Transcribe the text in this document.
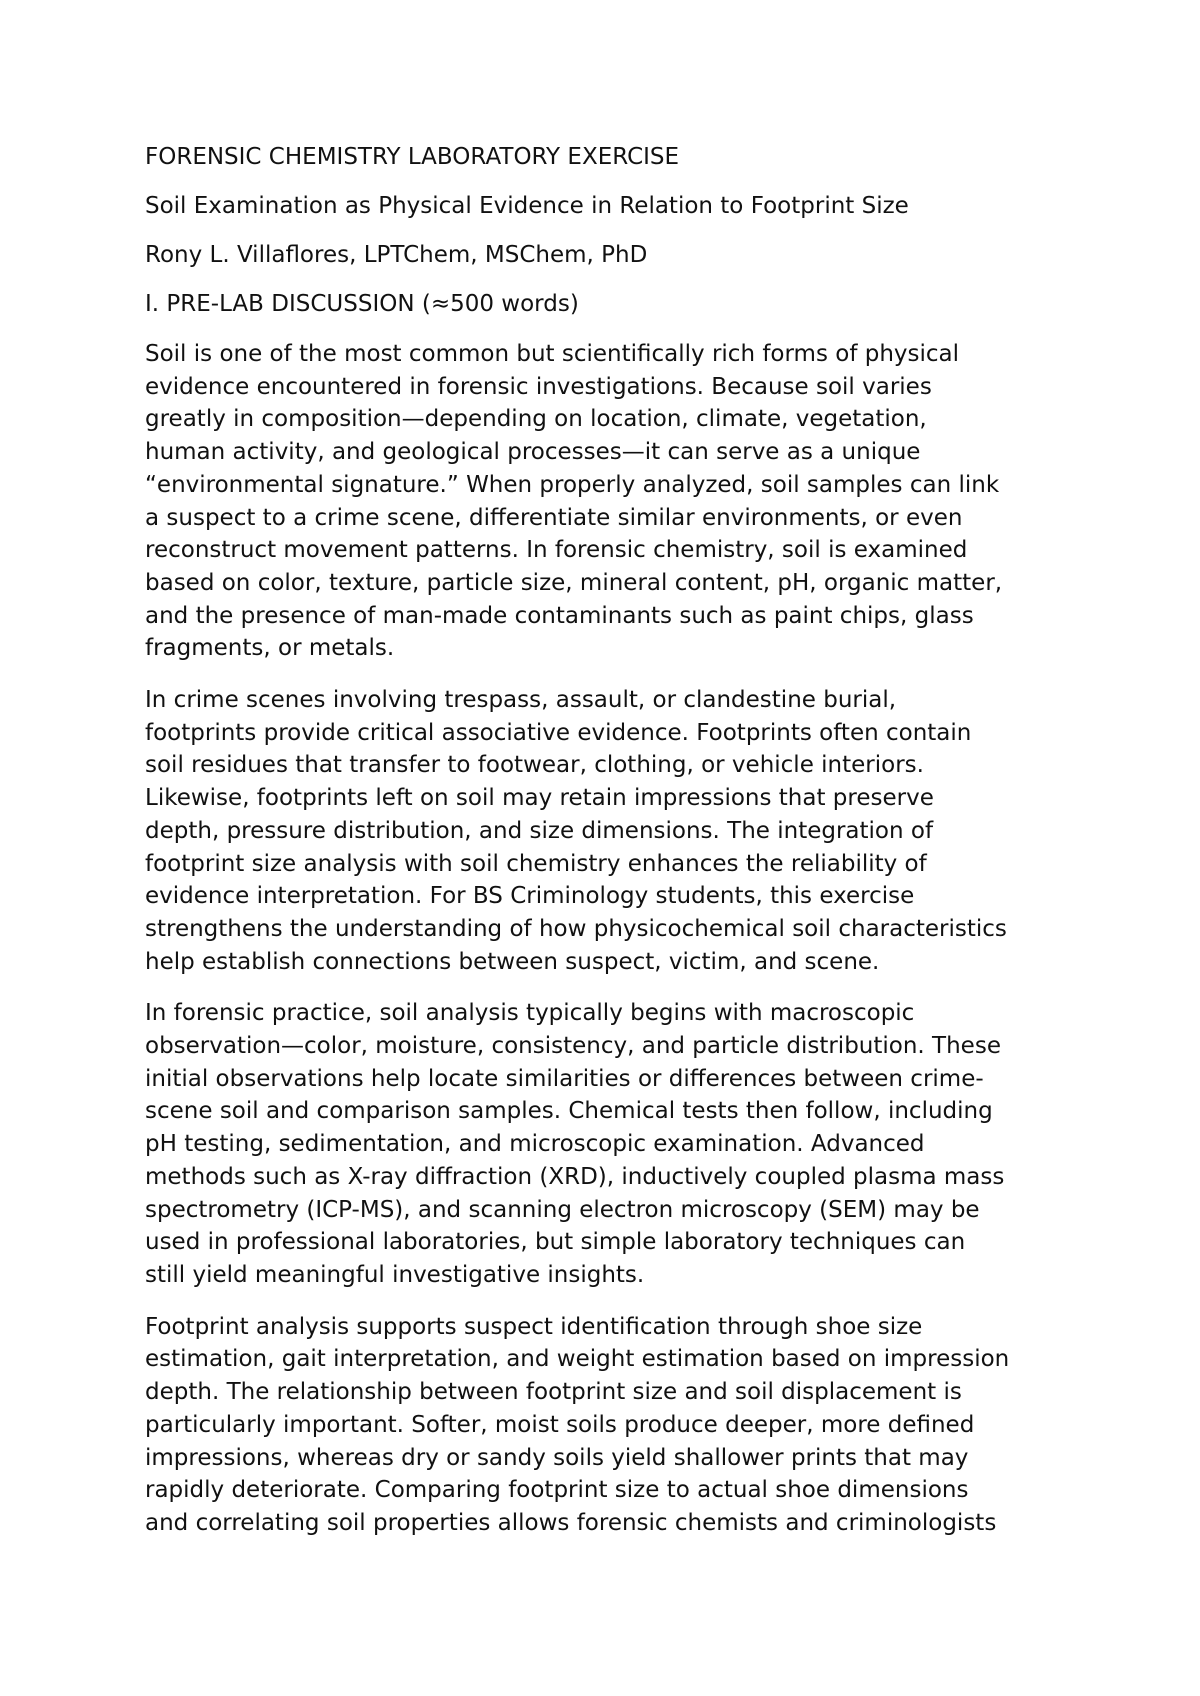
FORENSIC CHEMISTRY LABORATORY EXERCISE
Soil Examination as Physical Evidence in Relation to Footprint Size
Rony L. Villaflores, LPTChem, MSChem, PhD
I. PRE-LAB DISCUSSION (≈500 words)

Soil is one of the most common but scientifically rich forms of physical
evidence encountered in forensic investigations. Because soil varies
greatly in composition—depending on location, climate, vegetation,
human activity, and geological processes—it can serve as a unique
“environmental signature.” When properly analyzed, soil samples can link
a suspect to a crime scene, differentiate similar environments, or even
reconstruct movement patterns. In forensic chemistry, soil is examined
based on color, texture, particle size, mineral content, pH, organic matter,
and the presence of man-made contaminants such as paint chips, glass
fragments, or metals.

In crime scenes involving trespass, assault, or clandestine burial,
footprints provide critical associative evidence. Footprints often contain
soil residues that transfer to footwear, clothing, or vehicle interiors.
Likewise, footprints left on soil may retain impressions that preserve
depth, pressure distribution, and size dimensions. The integration of
footprint size analysis with soil chemistry enhances the reliability of
evidence interpretation. For BS Criminology students, this exercise
strengthens the understanding of how physicochemical soil characteristics
help establish connections between suspect, victim, and scene.

In forensic practice, soil analysis typically begins with macroscopic
observation—color, moisture, consistency, and particle distribution. These
initial observations help locate similarities or differences between crime-
scene soil and comparison samples. Chemical tests then follow, including
pH testing, sedimentation, and microscopic examination. Advanced
methods such as X-ray diffraction (XRD), inductively coupled plasma mass
spectrometry (ICP-MS), and scanning electron microscopy (SEM) may be
used in professional laboratories, but simple laboratory techniques can
still yield meaningful investigative insights.

Footprint analysis supports suspect identification through shoe size
estimation, gait interpretation, and weight estimation based on impression
depth. The relationship between footprint size and soil displacement is
particularly important. Softer, moist soils produce deeper, more defined
impressions, whereas dry or sandy soils yield shallower prints that may
rapidly deteriorate. Comparing footprint size to actual shoe dimensions
and correlating soil properties allows forensic chemists and criminologists
